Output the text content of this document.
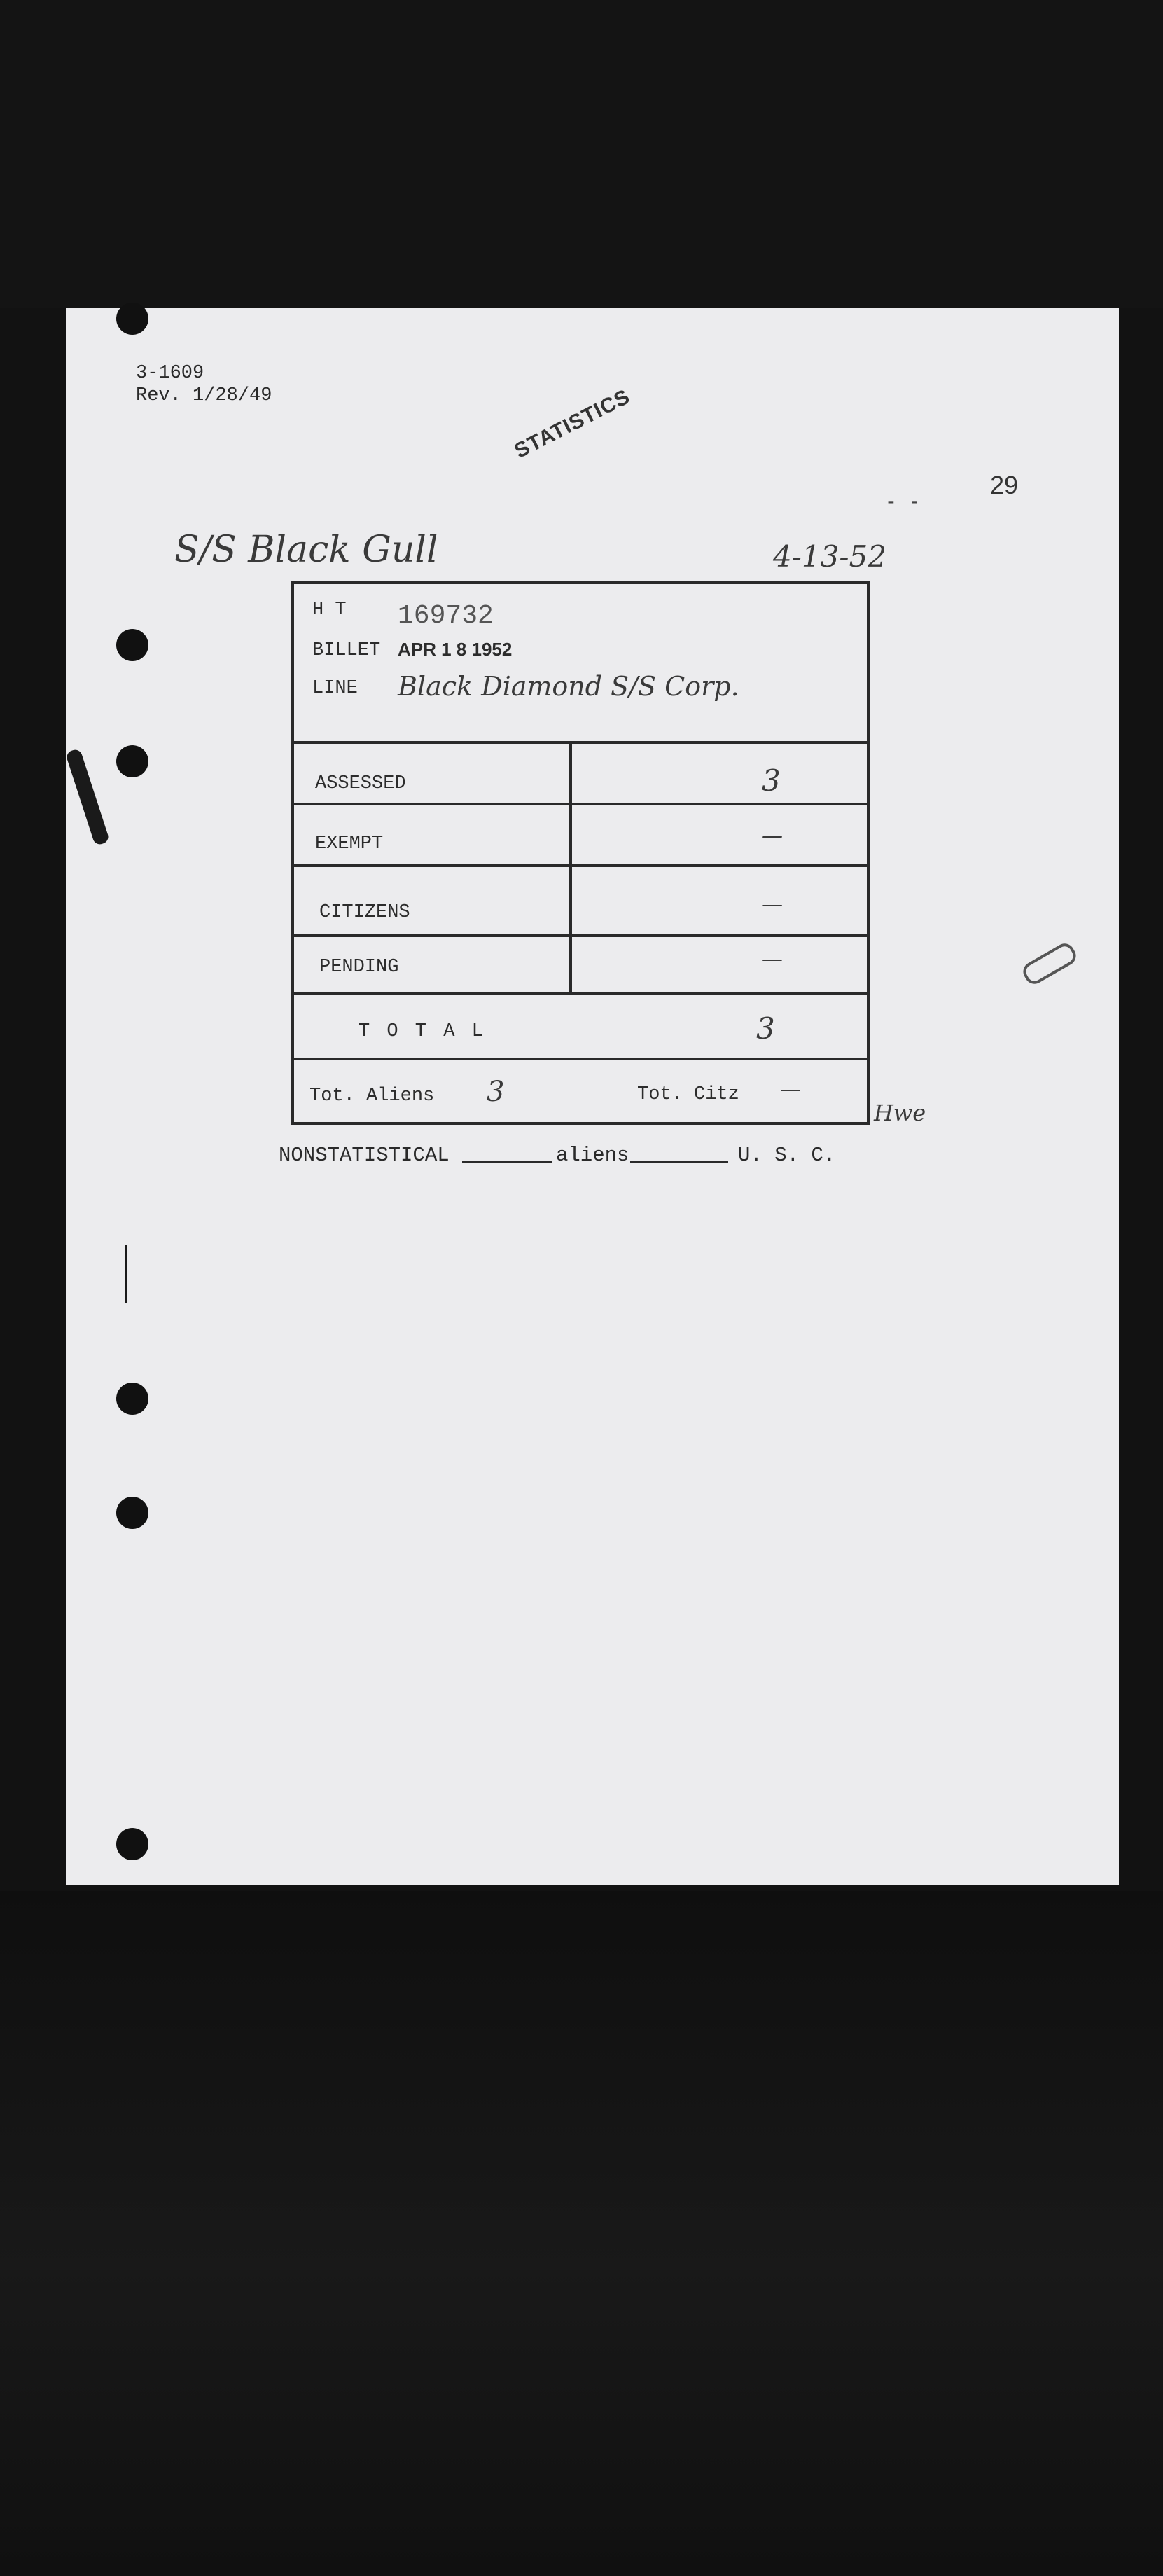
3-1609
Rev. 1/28/49	STATISTICS
- -
29
S/S Black Gull	4-13-52
H T 169732
BILLET APR 1 8 1952
LINE Black Diamond S/S Corp.
ASSESSED	3
EXEMPT	—
CITIZENS	—
PENDING	—
T O T A L	3
Tot. Aliens 3	Tot. Citz —
Hwe
NONSTATISTICAL	aliens	U. S. C.
